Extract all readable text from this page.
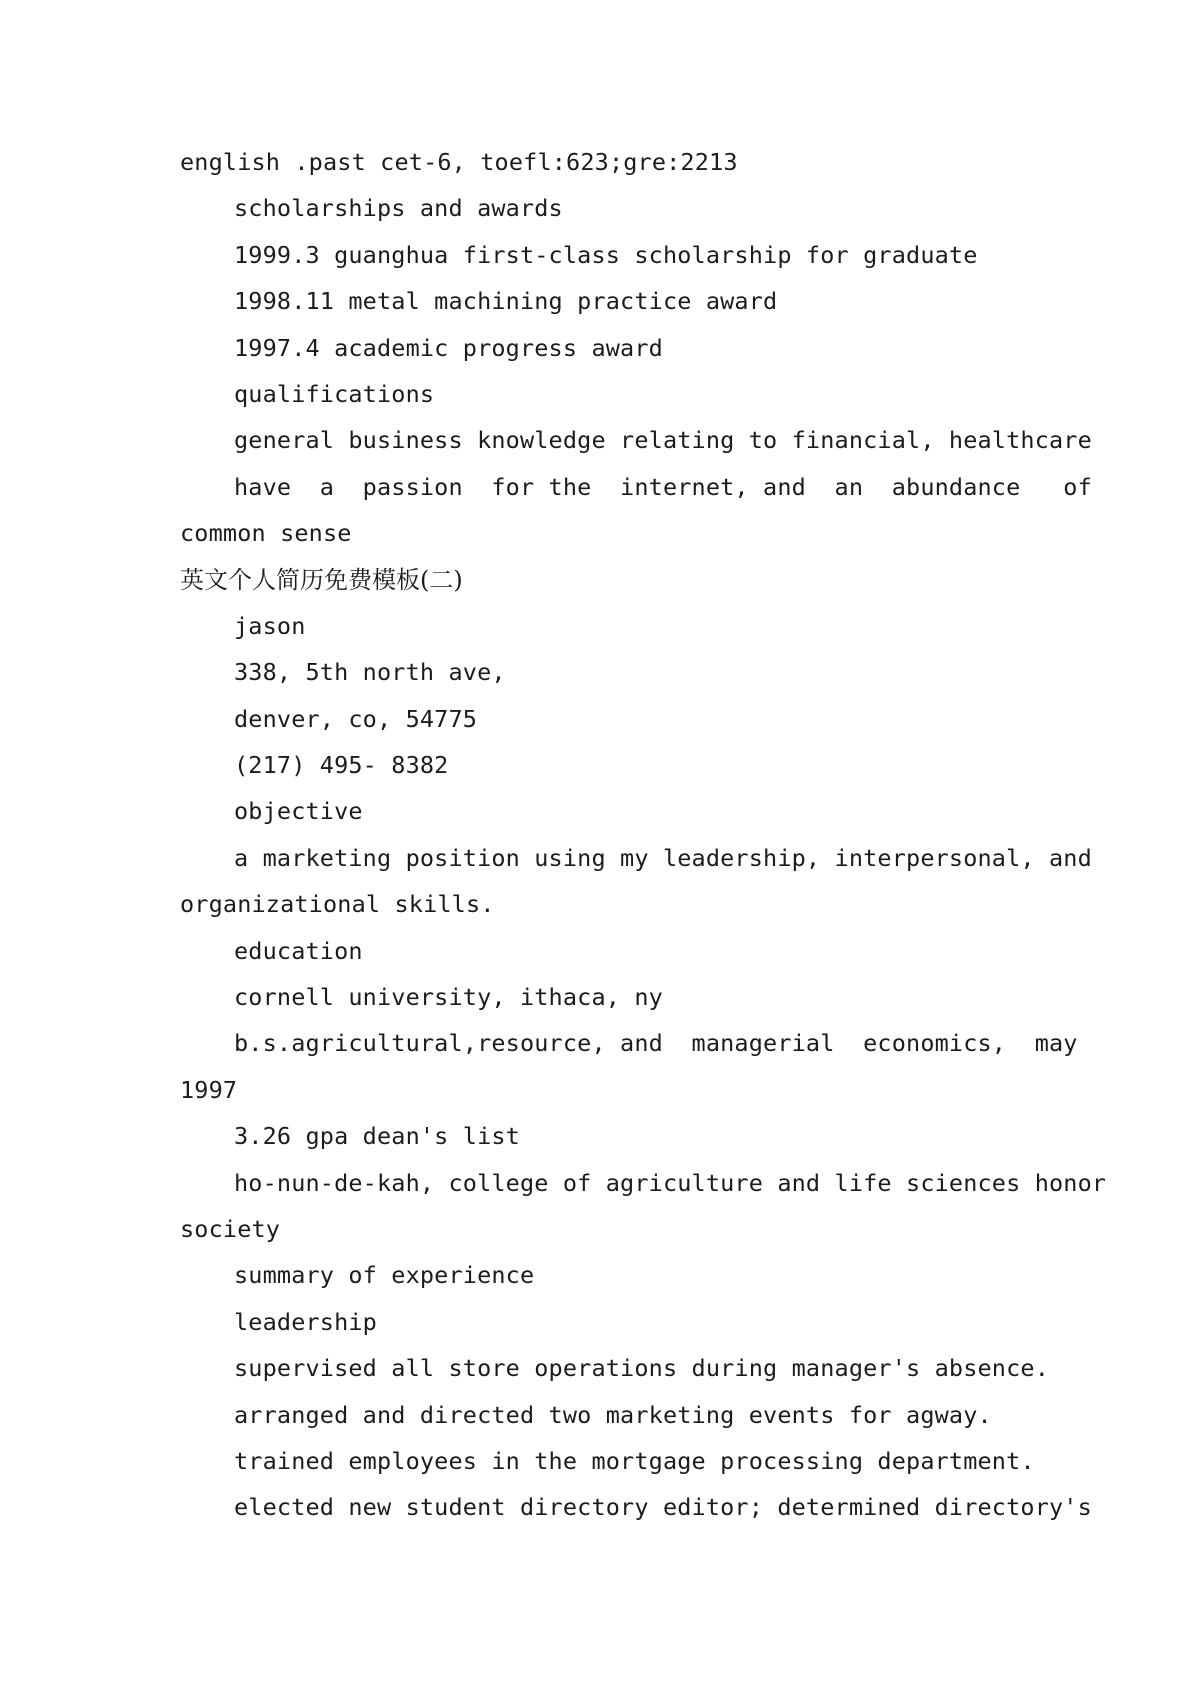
english .past cet-6, toefl:623;gre:2213
scholarships and awards
1999.3 guanghua first-class scholarship for graduate
1998.11 metal machining practice award
1997.4 academic progress award
qualifications
general business knowledge relating to financial, healthcare
have  a  passion  for the  internet, and  an  abundance   of
common sense
英文个人简历免费模板(二)
jason
338, 5th north ave,
denver, co, 54775
(217) 495- 8382
objective
a marketing position using my leadership, interpersonal, and
organizational skills.
education
cornell university, ithaca, ny
b.s.agricultural,resource, and  managerial  economics,  may
1997
3.26 gpa dean's list
ho-nun-de-kah, college of agriculture and life sciences honor
society
summary of experience
leadership
supervised all store operations during manager's absence.
arranged and directed two marketing events for agway.
trained employees in the mortgage processing department.
elected new student directory editor; determined directory's
